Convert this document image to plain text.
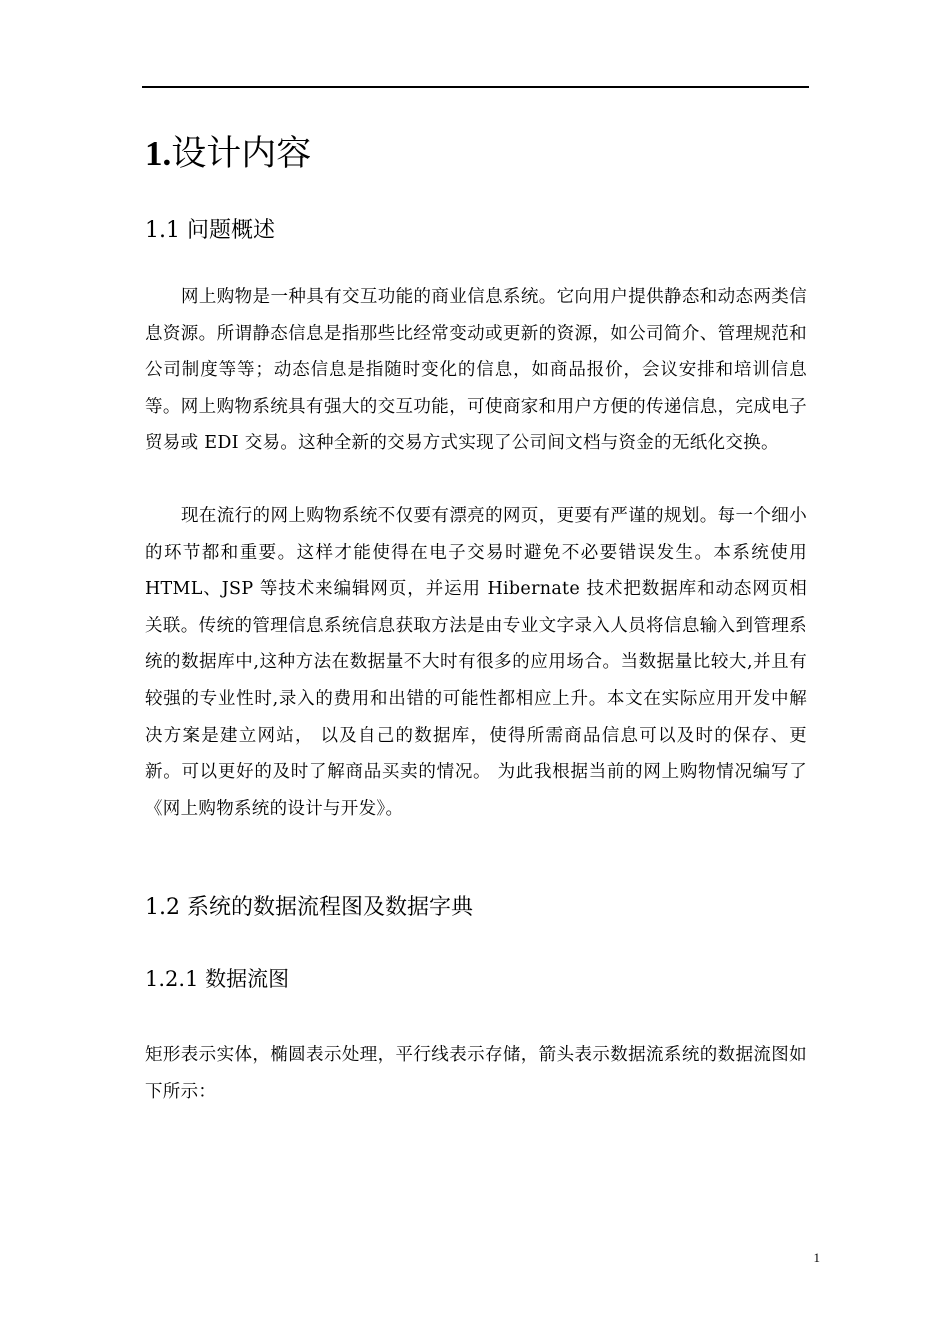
1.设计内容
1.1 问题概述

网上购物是一种具有交互功能的商业信息系统。它向用户提供静态和动态两类信息资源。所谓静态信息是指那些比经常变动或更新的资源，如公司简介、管理规范和公司制度等等；动态信息是指随时变化的信息，如商品报价，会议安排和培训信息等。网上购物系统具有强大的交互功能，可使商家和用户方便的传递信息，完成电子贸易或 EDI 交易。这种全新的交易方式实现了公司间文档与资金的无纸化交换。

现在流行的网上购物系统不仅要有漂亮的网页，更要有严谨的规划。每一个细小的环节都和重要。这样才能使得在电子交易时避免不必要错误发生。本系统使用 HTML、JSP 等技术来编辑网页，并运用 Hibernate 技术把数据库和动态网页相关联。传统的管理信息系统信息获取方法是由专业文字录入人员将信息输入到管理系统的数据库中,这种方法在数据量不大时有很多的应用场合。当数据量比较大,并且有较强的专业性时,录入的费用和出错的可能性都相应上升。本文在实际应用开发中解决方案是建立网站， 以及自己的数据库，使得所需商品信息可以及时的保存、更新。可以更好的及时了解商品买卖的情况。 为此我根据当前的网上购物情况编写了《网上购物系统的设计与开发》。

1.2 系统的数据流程图及数据字典
1.2.1 数据流图

矩形表示实体，椭圆表示处理，平行线表示存储，箭头表示数据流系统的数据流图如下所示：

1
